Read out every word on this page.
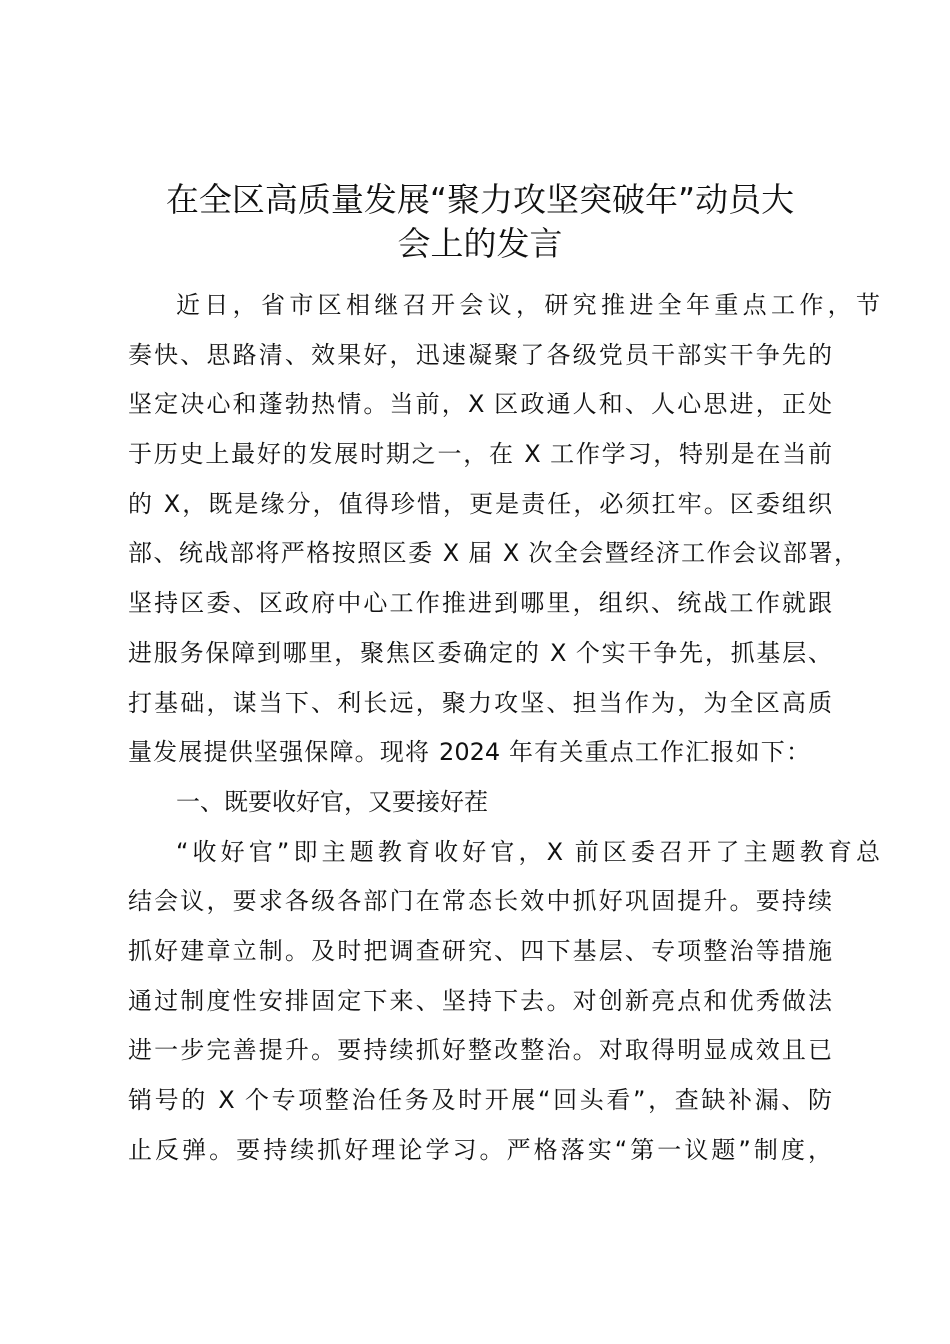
在全区高质量发展“聚力攻坚突破年”动员大
会上的发言
近日，省市区相继召开会议，研究推进全年重点工作，节
奏快、思路清、效果好，迅速凝聚了各级党员干部实干争先的
坚定决心和蓬勃热情。当前，X 区政通人和、人心思进，正处
于历史上最好的发展时期之一，在 X 工作学习，特别是在当前
的 X，既是缘分，值得珍惜，更是责任，必须扛牢。区委组织
部、统战部将严格按照区委 X 届 X 次全会暨经济工作会议部署，
坚持区委、区政府中心工作推进到哪里，组织、统战工作就跟
进服务保障到哪里，聚焦区委确定的 X 个实干争先，抓基层、
打基础，谋当下、利长远，聚力攻坚、担当作为，为全区高质
量发展提供坚强保障。现将 2024 年有关重点工作汇报如下：
一、既要收好官，又要接好茬
“收好官”即主题教育收好官，X 前区委召开了主题教育总
结会议，要求各级各部门在常态长效中抓好巩固提升。要持续
抓好建章立制。及时把调查研究、四下基层、专项整治等措施
通过制度性安排固定下来、坚持下去。对创新亮点和优秀做法
进一步完善提升。要持续抓好整改整治。对取得明显成效且已
销号的 X 个专项整治任务及时开展“回头看”，查缺补漏、防
止反弹。要持续抓好理论学习。严格落实“第一议题”制度，
